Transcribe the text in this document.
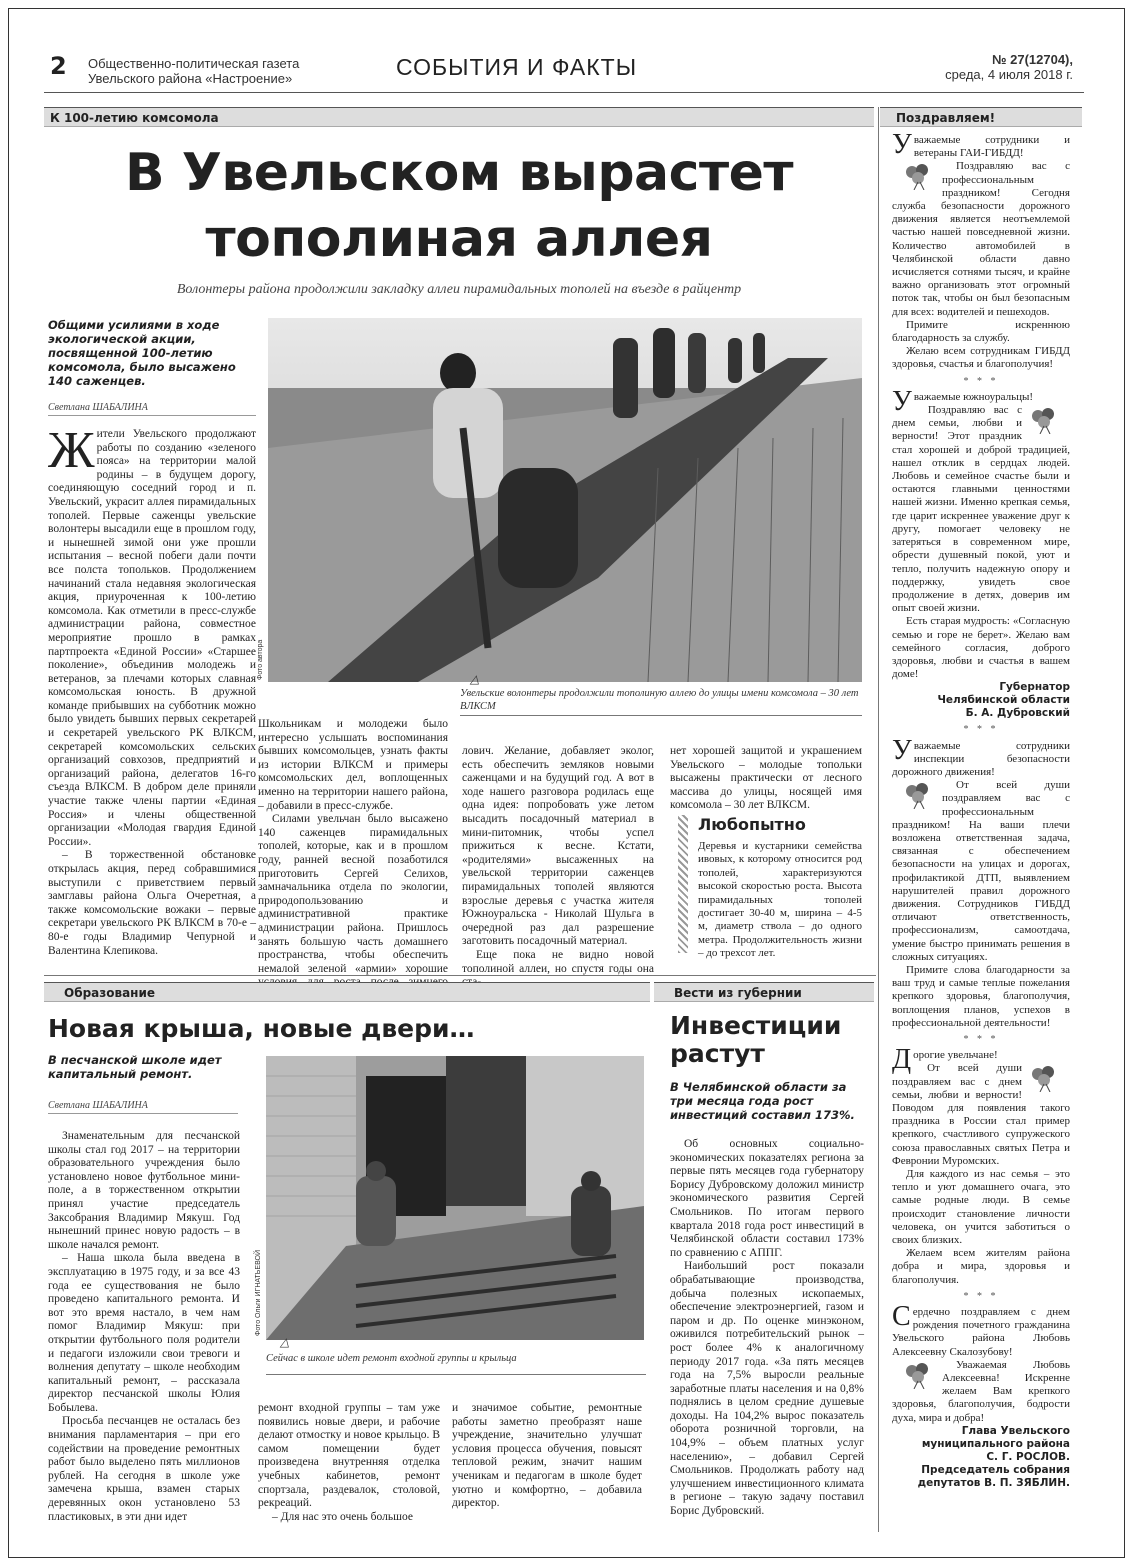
2 Общественно-политическая газета
Увельского района «Настроение»	СОБЫТИЯ И ФАКТЫ	№ 27(12704),
среда, 4 июля 2018 г.
К 100-летию комсомола
В Увельском вырастет
тополиная аллея
Волонтеры района продолжили закладку аллеи пирамидальных тополей на въезде в райцентр
Общими усилиями в ходе экологической акции, посвященной 100-летию комсомола, было высажено 140 саженцев.
Светлана ШАБАЛИНА

Жители Увельского продолжают работы по созданию «зеленого пояса» на территории малой родины – в будущем дорогу, соединяющую соседний город и п. Увельский, украсит аллея пирамидальных тополей. Первые саженцы увельские волонтеры высадили еще в прошлом году, и нынешней зимой они уже прошли испытания – весной побеги дали почти все полста топольков. Продолжением начинаний стала недавняя экологическая акция, приуроченная к 100-летию комсомола. Как отметили в пресс-службе администрации района, совместное мероприятие прошло в рамках партпроекта «Единой России» «Старшее поколение», объединив молодежь и ветеранов, за плечами которых славная комсомольская юность. В дружной команде прибывших на субботник можно было увидеть бывших первых секретарей и секретарей увельского РК ВЛКСМ, секретарей комсомольских сельских организаций совхозов, предприятий и организаций района, делегатов 16-го съезда ВЛКСМ. В добром деле приняли участие также члены партии «Единая Россия» и члены общественной организации «Молодая гвардия Единой России».

– В торжественной обстановке открылась акция, перед собравшимися выступили с приветствием первый замглавы района Ольга Очеретная, а также комсомольские вожаки – первые секретари увельского РК ВЛКСМ в 70-е – 80-е годы Владимир Чепурной и Валентина Клепикова.

Фото автора	△
Увельские волонтеры продолжили тополиную аллею до улицы имени комсомола – 30 лет ВЛКСМ

Школьникам и молодежи было интересно услышать воспоминания бывших комсомольцев, узнать факты из истории ВЛКСМ и примеры комсомольских дел, воплощенных именно на территории нашего района, – добавили в пресс-службе.

Силами увельчан было высажено 140 саженцев пирамидальных тополей, которые, как и в прошлом году, ранней весной позаботился приготовить Сергей Селихов, замначальника отдела по экологии, природопользованию и административной практике администрации района. Пришлось занять большую часть домашнего пространства, чтобы обеспечить немалой зеленой «армии» хорошие

лович. Желание, добавляет эколог, есть обеспечить земляков новыми саженцами и на будущий год. А вот в ходе нашего разговора родилась еще одна идея: попробовать уже летом высадить посадочный материал в мини-питомник, чтобы успел прижиться к весне. Кстати, «родителями» высаженных на увельской территории саженцев пирамидальных тополей являются взрослые деревья с участка жителя Южноуральска - Николай Шульга в очередной раз дал разрешение заготовить посадочный материал.

Еще пока не видно новой тополиной аллеи, но спустя годы она

нет хорошей защитой и украшением Увельского – молодые топольки высажены практически от лесного массива до улицы, носящей имя комсомола – 30 лет ВЛКСМ.

Любопытно
Деревья и кустарники семейства ивовых, к которому относится род тополей, характеризуются высокой скоростью роста. Высота пирамидальных тополей достигает 30-40 м, ширина – 4-5 м, диаметр ствола – до одного метра. Продолжительность жизни – до трехсот лет.
Образование
Новая крыша, новые двери…
В песчанской школе идет капитальный ремонт.
Светлана ШАБАЛИНА

Знаменательным для песчанской школы стал год 2017 – на территории образовательного учреждения было установлено новое футбольное мини-поле, а в торжественном открытии принял участие председатель Заксобрания Владимир Мякуш. Год нынешний принес новую радость – в школе начался ремонт.

– Наша школа была введена в эксплуатацию в 1975 году, и за все 43 года ее существования не было проведено капитального ремонта. И вот это время настало, в чем нам помог Владимир Мякуш: при открытии футбольного поля родители и педагоги изложили свои тревоги и волнения депутату – школе необходим капитальный ремонт, – рассказала директор песчанской школы Юлия Бобылева.

Просьба песчанцев не осталась без внимания парламентария – при его содействии на проведение ремонтных работ было выделено пять миллионов рублей. На сегодня в школе уже замечена крыша, взамен старых деревянных окон установлено 53 пластиковых, в эти дни идет

Фото Ольги ИГНАТЬЕВОЙ
△
Сейчас в школе идет ремонт входной группы и крыльца

ремонт входной группы – там уже появились новые двери, и рабочие делают отмостку и новое крыльцо. В самом помещении будет произведена внутренняя отделка учебных кабинетов, ремонт спортзала, раздевалок, столовой, рекреаций.

– Для нас это очень большое

и значимое событие, ремонтные работы заметно преобразят наше учреждение, значительно улучшат условия процесса обучения, повысят тепловой режим, значит нашим ученикам и педагогам в школе будет уютно и комфортно, – добавила директор.

Вести из губернии
Инвестиции
растут
В Челябинской области за три месяца года рост инвестиций составил 173%.

Об основных социально-экономических показателях региона за первые пять месяцев года губернатору Борису Дубровскому доложил министр экономического развития Сергей Смольников. По итогам первого квартала 2018 года рост инвестиций в Челябинской области составил 173% по сравнению с АППГ.

Наибольший рост показали обрабатывающие производства, добыча полезных ископаемых, обеспечение электроэнергией, газом и паром и др. По оценке минэконом, оживился потребительский рынок – рост более 4% к аналогичному периоду 2017 года. «За пять месяцев года на 7,5% выросли реальные заработные платы населения и на 0,8% поднялись в целом средние душевые доходы. На 104,2% вырос показатель оборота розничной торговли, на 104,9% – объем платных услуг населению», – добавил Сергей Смольников. Продолжать работу над улучшением инвестиционного климата в регионе – такую задачу поставил Борис Дубровский.

Поздравляем!

Уважаемые сотрудники и ветераны ГАИ-ГИБДД!

Поздравляю вас с профессиональным праздником! Сегодня служба безопасности дорожного движения является неотъемлемой частью нашей повседневной жизни. Количество автомобилей в Челябинской области давно исчисляется сотнями тысяч, и крайне важно организовать этот огромный поток так, чтобы он был безопасным для всех: водителей и пешеходов.

Примите искреннюю благодарность за службу.

Желаю всем сотрудникам ГИБДД здоровья, счастья и благополучия!

* * *

Уважаемые южноуральцы!

Поздравляю вас с днем семьи, любви и верности! Этот праздник стал хорошей и доброй традицией, нашел отклик в сердцах людей. Любовь и семейное счастье были и остаются главными ценностями нашей жизни. Именно крепкая семья, где царит искреннее уважение друг к другу, помогает человеку не затеряться в современном мире, обрести душевный покой, уют и тепло, получить надежную опору и поддержку, увидеть свое продолжение в детях, доверив им опыт своей жизни.

Есть старая мудрость: «Согласную семью и горе не берет». Желаю вам семейного согласия, доброго здоровья, любви и счастья в вашем доме!

Губернатор
Челябинской области
Б. А. Дубровский
* * *

Уважаемые сотрудники инспекции безопасности дорожного движения!

От всей души поздравляем вас с профессиональным праздником! На ваши плечи возложена ответственная задача, связанная с обеспечением безопасности на улицах и дорогах, профилактикой ДТП, выявлением нарушителей правил дорожного движения. Сотрудников ГИБДД отличают ответственность, профессионализм, самоотдача, умение быстро принимать решения в сложных ситуациях.

Примите слова благодарности за ваш труд и самые теплые пожелания крепкого здоровья, благополучия, воплощения планов, успехов в профессиональной деятельности!

* * *

Дорогие увельчане!

От всей души поздравляем вас с днем семьи, любви и верности! Поводом для появления такого праздника в России стал пример крепкого, счастливого супружеского союза православных святых Петра и Февронии Муромских.

Для каждого из нас семья – это тепло и уют домашнего очага, это самые родные люди. В семье происходит становление личности человека, он учится заботиться о своих близких.

Желаем всем жителям района добра и мира, здоровья и благополучия.

* * *

Сердечно поздравляем с днем рождения почетного гражданина Увельского района Любовь Алексеевну Скалозубову!

Уважаемая Любовь Алексеевна! Искренне желаем Вам крепкого здоровья, благополучия, бодрости духа, мира и добра!

Глава Увельского
муниципального района
С. Г. РОСЛОВ.
Председатель собрания
депутатов В. П. ЗЯБЛИН.
